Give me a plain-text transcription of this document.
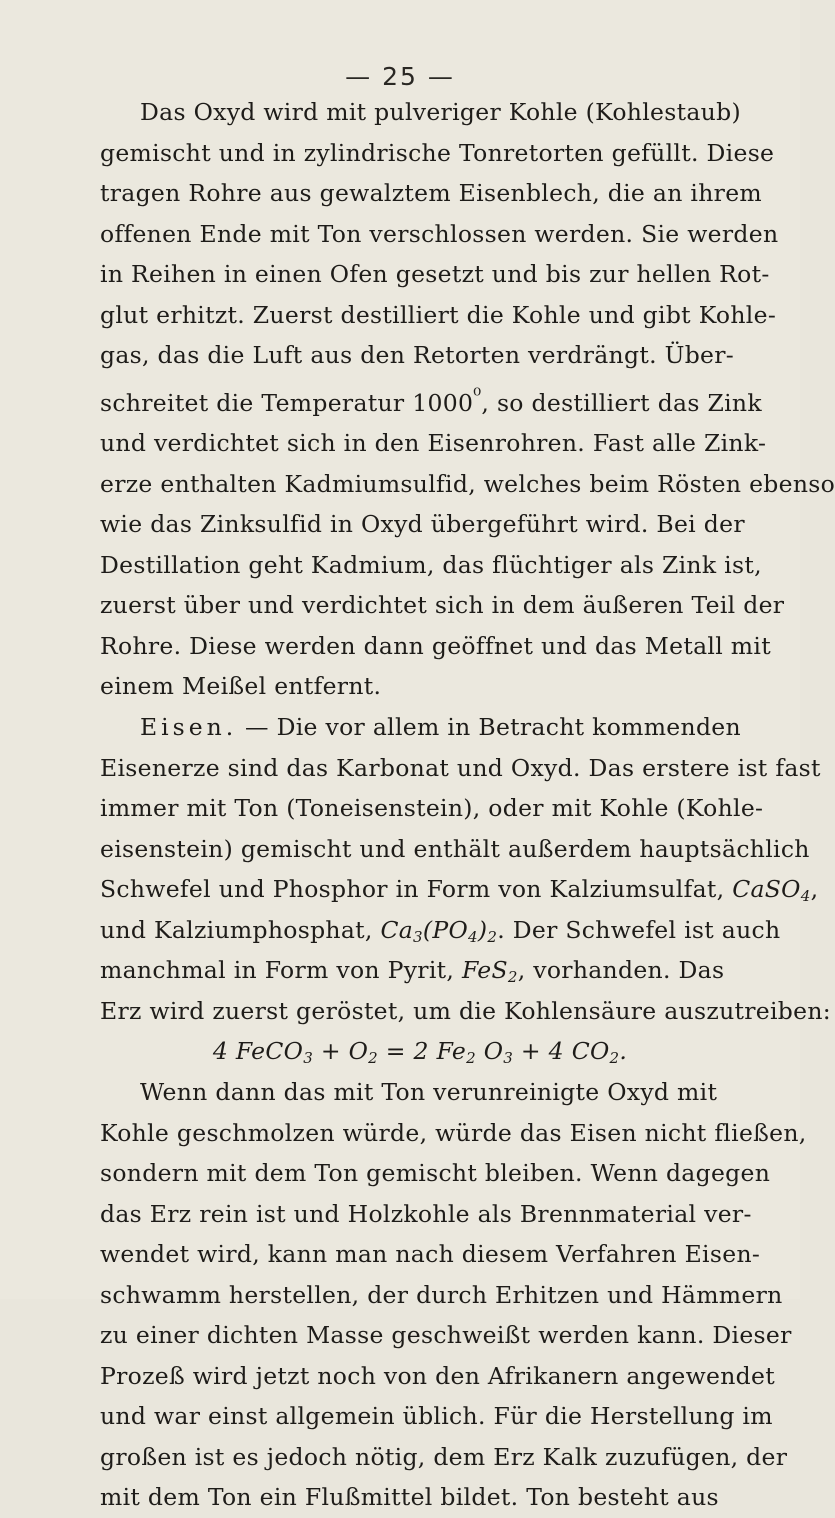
— 25 —
Das Oxyd wird mit pulveriger Kohle (Kohlestaub)
gemischt und in zylindrische Tonretorten gefüllt. Diese
tragen Rohre aus gewalztem Eisenblech, die an ihrem
offenen Ende mit Ton verschlossen werden. Sie werden
in Reihen in einen Ofen gesetzt und bis zur hellen Rot-
glut erhitzt. Zuerst destilliert die Kohle und gibt Kohle-
gas, das die Luft aus den Retorten verdrängt. Über-
schreitet die Temperatur $1000^{^0}$, so destilliert das Zink
und verdichtet sich in den Eisenrohren. Fast alle Zink-
erze enthalten Kadmiumsulfid, welches beim Rösten ebenso
wie das Zinksulfid in Oxyd übergeführt wird. Bei der
Destillation geht Kadmium, das flüchtiger als Zink ist,
zuerst über und verdichtet sich in dem äußeren Teil der
Rohre. Diese werden dann geöffnet und das Metall mit
einem Meißel entfernt.
Eisen. — Die vor allem in Betracht kommenden
Eisenerze sind das Karbonat und Oxyd. Das erstere ist fast
immer mit Ton (Toneisenstein), oder mit Kohle (Kohle-
eisenstein) gemischt und enthält außerdem hauptsächlich
Schwefel und Phosphor in Form von Kalziumsulfat, CaSO$_4$,
und Kalziumphosphat, $Ca_3(PO_4)_2$. Der Schwefel ist auch
manchmal in Form von Pyrit, FeS$_2$, vorhanden. Das
Erz wird zuerst geröstet, um die Kohlensäure auszutreiben:
4 FeCO$_3$ + $O_2 = 2$ $Fe_2$ $O_3 + 4$ $CO_2$.
Wenn dann das mit Ton verunreinigte Oxyd mit
Kohle geschmolzen würde, würde das Eisen nicht fließen,
sondern mit dem Ton gemischt bleiben. Wenn dagegen
das Erz rein ist und Holzkohle als Brennmaterial ver-
wendet wird, kann man nach diesem Verfahren Eisen-
schwamm herstellen, der durch Erhitzen und Hämmern
zu einer dichten Masse geschweißt werden kann. Dieser
Prozeß wird jetzt noch von den Afrikanern angewendet
und war einst allgemein üblich. Für die Herstellung im
großen ist es jedoch nötig, dem Erz Kalk zuzufügen, der
mit dem Ton ein Flußmittel bildet. Ton besteht aus
